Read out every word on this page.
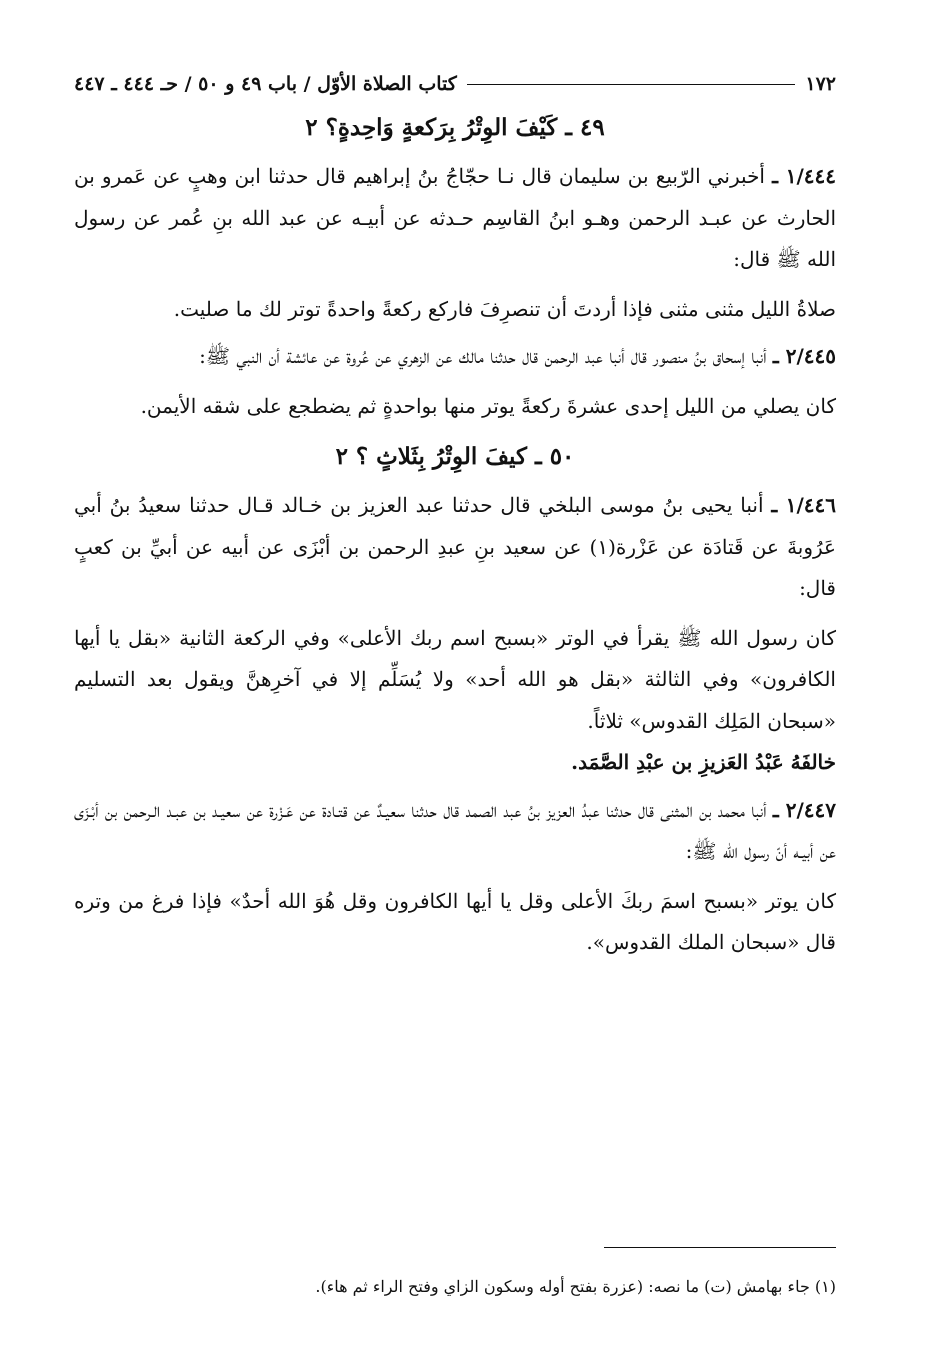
١٧٢
كتاب الصلاة الأوّل / باب ٤٩ و ٥٠ / حـ ٤٤٤ ـ ٤٤٧
٤٩ ـ كَيْفَ الوِتْرُ بِرَكعةٍ وَاحِدةٍ؟ ٢

١/٤٤٤ ـ أخبرني الرّبيع بن سليمان قال نـا حجّاجُ بنُ إبراهيم قال حدثنا ابن وهبٍ عن عَمرو بن الحارث عن عبـد الرحمن وهـو ابنُ القاسِم حـدثه عن أبيـه عن عبد الله بنِ عُمر عن رسول الله ﷺ قال:

صلاةُ الليل مثنى مثنى فإذا أردتَ أن تنصرِفَ فاركع ركعةً واحدةً توتر لك ما صليت.

٢/٤٤٥ ـ أنبا إسحاق بنُ منصور قال أنبا عبد الرحمن قال حدثنا مالك عن الزهري عن عُروة عن عائشة أن النبي ﷺ:

كان يصلي من الليل إحدى عشرةَ ركعةً يوتر منها بواحدةٍ ثم يضطجع على شقه الأيمن.

٥٠ ـ كيفَ الوِتْرُ بِثَلاثٍ ؟ ٢

١/٤٤٦ ـ أنبا يحيى بنُ موسى البلخي قال حدثنا عبد العزيز بن خـالد قـال حدثنا سعيدُ بنُ أبي عَرُوبةَ عن قَتادَة عن عَزْرة(١) عن سعيد بنِ عبدِ الرحمن بن أبْزَى عن أبيه عن أبيِّ بن كعبٍ قال:

كان رسول الله ﷺ يقرأ في الوتر «بسبح اسم ربك الأعلى» وفي الركعة الثانية «بقل يا أيها الكافرون» وفي الثالثة «بقل هو الله أحد» ولا يُسَلِّم إلا في آخرِهنَّ ويقول بعد التسليم «سبحان المَلِك القدوس» ثلاثاً.

خالفَهُ عَبْدُ العَزيزِ بن عبْدِ الصَّمَد.

٢/٤٤٧ ـ أنبا محمد بن المثنى قال حدثنا عبدُ العزيز بنُ عبد الصمد قال حدثنا سعيـدٌ عن قتـادة عن عَـزْرة عن سعيـد بن عبـد الـرحمن بن أبْـزَى عن أبيـه أنّ رسول الله ﷺ:

كان يوتر «بسبح اسمَ ربكَ الأعلى وقل يا أيها الكافرون وقل هُوَ الله أحدٌ» فإذا فرغ من وتره قال «سبحان الملك القدوس».

(١) جاء بهامش (ت) ما نصه: (عزرة بفتح أوله وسكون الزاي وفتح الراء ثم هاء).
